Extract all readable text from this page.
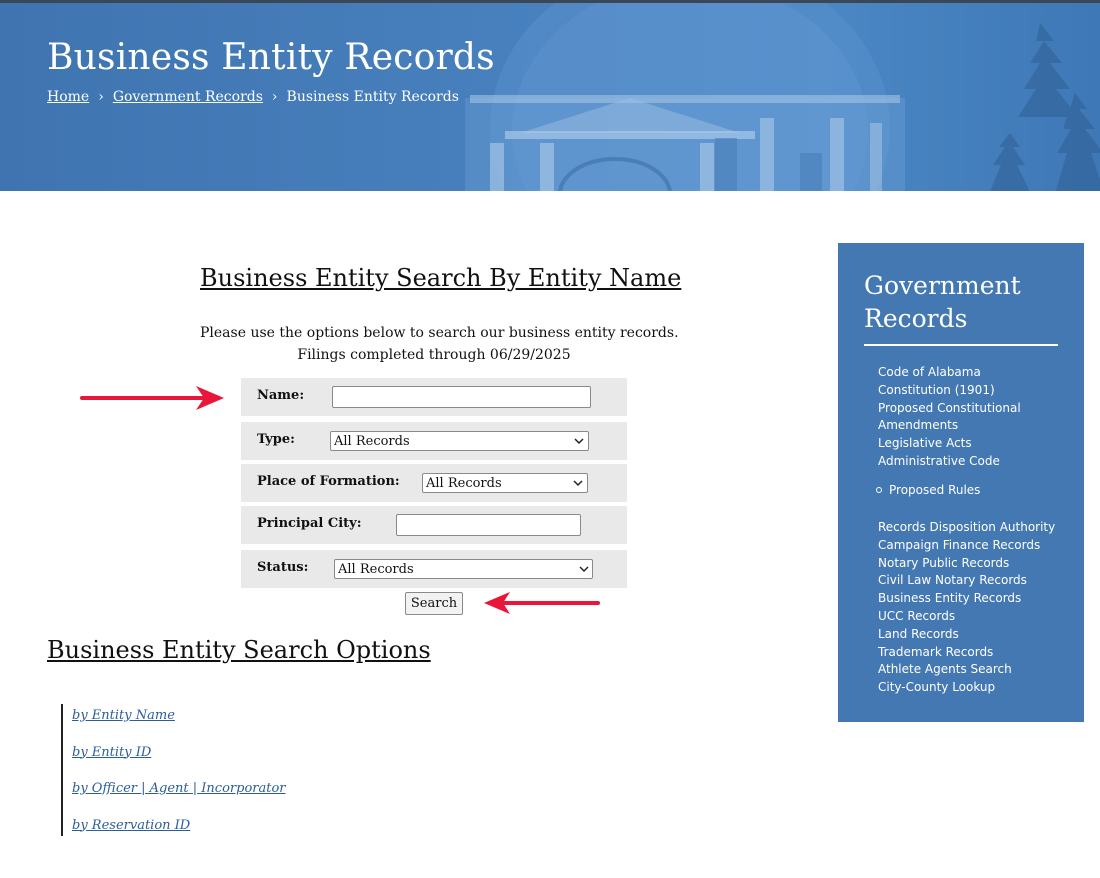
Business Entity Records
Home › Government Records › Business Entity Records
Business Entity Search By Entity Name
Please use the options below to search our business entity records.
Filings completed through 06/29/2025
Name:
Type:
All Records
Place of Formation:
All Records
Principal City:
Status:
All Records
Search
Business Entity Search Options
by Entity Name
by Entity ID
by Officer | Agent | Incorporator
by Reservation ID
Government Records
Code of Alabama
Constitution (1901)
Proposed Constitutional
Amendments
Legislative Acts
Administrative Code
Proposed Rules
Records Disposition Authority
Campaign Finance Records
Notary Public Records
Civil Law Notary Records
Business Entity Records
UCC Records
Land Records
Trademark Records
Athlete Agents Search
City-County Lookup
